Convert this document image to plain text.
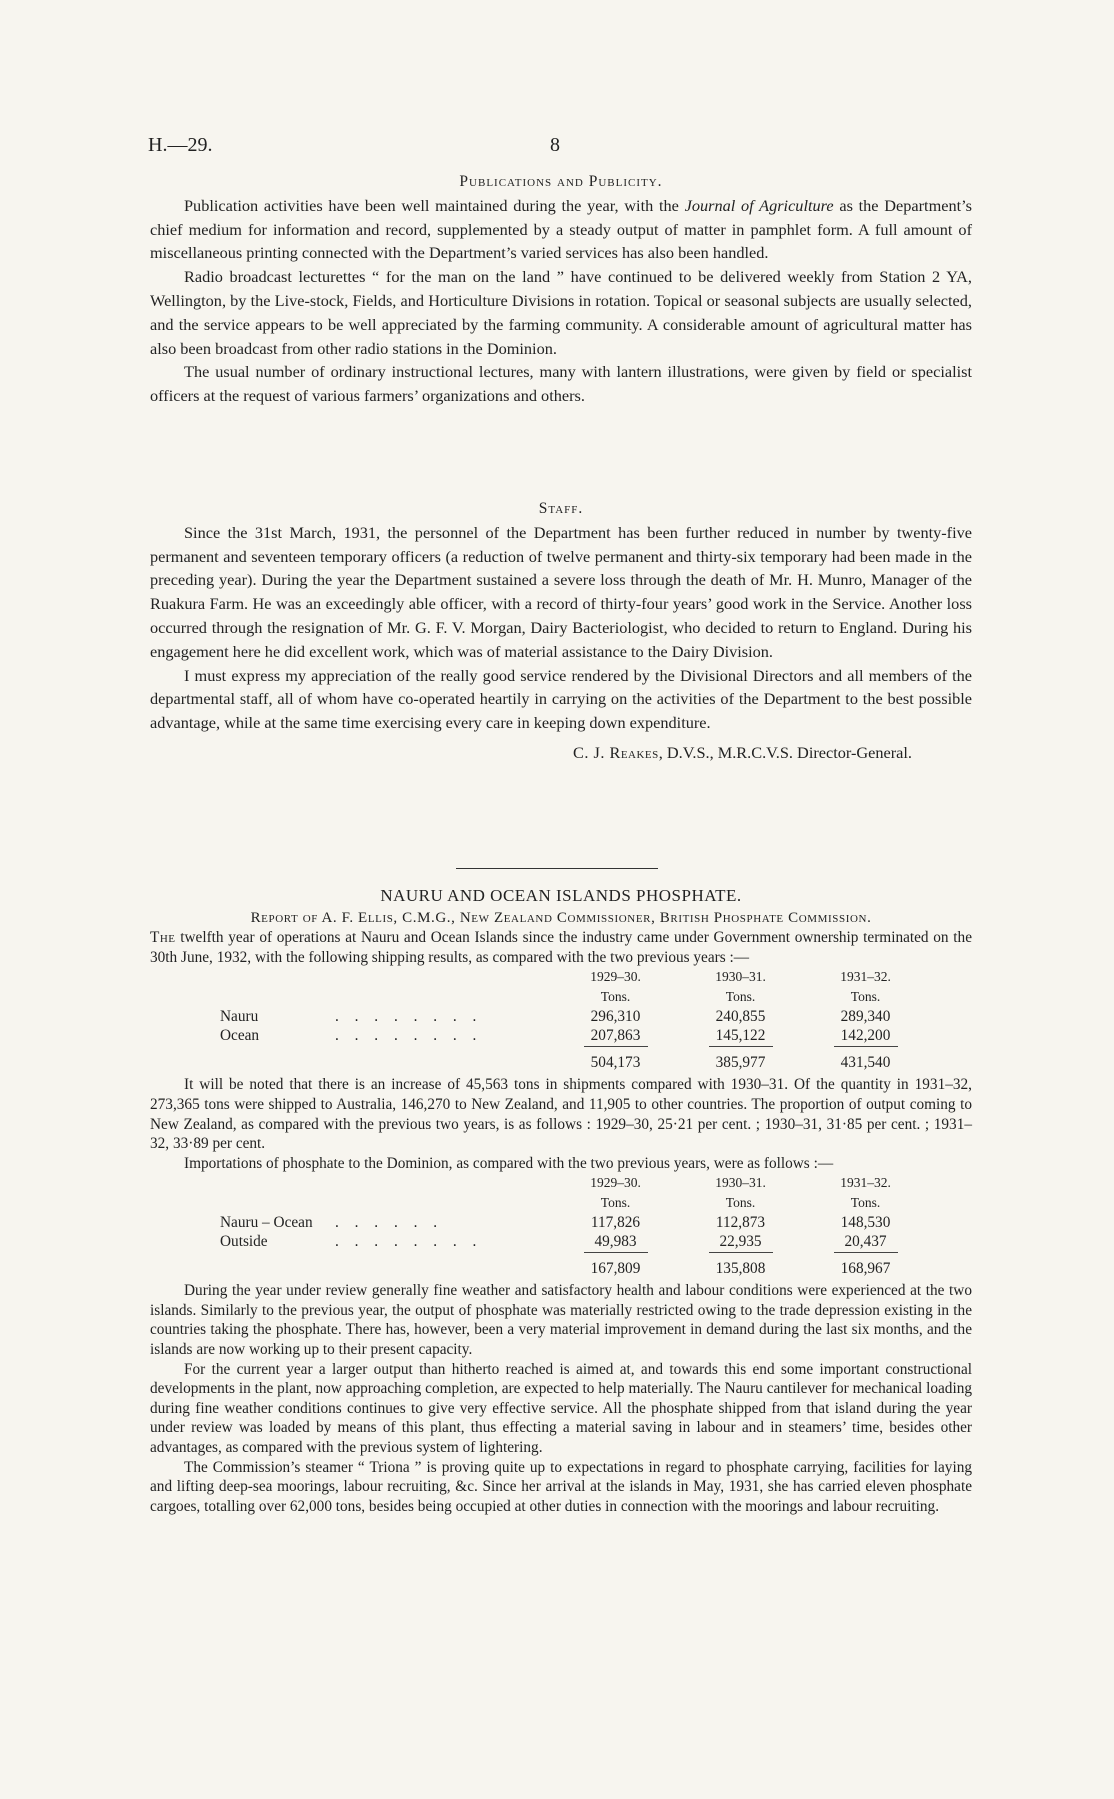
H.—29.	8
Publications and Publicity.

Publication activities have been well maintained during the year, with the Journal of Agriculture as the Department’s chief medium for information and record, supplemented by a steady output of matter in pamphlet form. A full amount of miscellaneous printing connected with the Department’s varied services has also been handled.

Radio broadcast lecturettes “ for the man on the land ” have continued to be delivered weekly from Station 2 YA, Wellington, by the Live-stock, Fields, and Horticulture Divisions in rotation. Topical or seasonal subjects are usually selected, and the service appears to be well appreciated by the farming community. A considerable amount of agricultural matter has also been broadcast from other radio stations in the Dominion.

The usual number of ordinary instructional lectures, many with lantern illustrations, were given by field or specialist officers at the request of various farmers’ organizations and others.

Staff.

Since the 31st March, 1931, the personnel of the Department has been further reduced in number by twenty-five permanent and seventeen temporary officers (a reduction of twelve permanent and thirty-six temporary had been made in the preceding year). During the year the Department sustained a severe loss through the death of Mr. H. Munro, Manager of the Ruakura Farm. He was an exceedingly able officer, with a record of thirty-four years’ good work in the Service. Another loss occurred through the resignation of Mr. G. F. V. Morgan, Dairy Bacteriologist, who decided to return to England. During his engagement here he did excellent work, which was of material assistance to the Dairy Division.

I must express my appreciation of the really good service rendered by the Divisional Directors and all members of the departmental staff, all of whom have co-operated heartily in carrying on the activities of the Department to the best possible advantage, while at the same time exercising every care in keeping down expenditure.

C. J. Reakes, D.V.S., M.R.C.V.S. Director-General.
NAURU AND OCEAN ISLANDS PHOSPHATE.
Report of A. F. Ellis, C.M.G., New Zealand Commissioner, British Phosphate Commission.

The twelfth year of operations at Nauru and Ocean Islands since the industry came under Government ownership terminated on the 30th June, 1932, with the following shipping results, as compared with the two previous years :—

		1929–30.	1930–31.	1931–32.
		Tons.	Tons.	Tons.
Nauru	. . . . . . . .	296,310	240,855	289,340
Ocean	. . . . . . . .	207,863	145,122	142,200

504,173	385,977	431,540

It will be noted that there is an increase of 45,563 tons in shipments compared with 1930–31. Of the quantity in 1931–32, 273,365 tons were shipped to Australia, 146,270 to New Zealand, and 11,905 to other countries. The proportion of output coming to New Zealand, as compared with the previous two years, is as follows : 1929–30, 25·21 per cent. ; 1930–31, 31·85 per cent. ; 1931–32, 33·89 per cent.

Importations of phosphate to the Dominion, as compared with the two previous years, were as follows :—

		1929–30.	1930–31.	1931–32.
		Tons.	Tons.	Tons.
Nauru – Ocean	. . . . . .	117,826	112,873	148,530
Outside	. . . . . . . .	49,983	22,935	20,437

167,809	135,808	168,967

During the year under review generally fine weather and satisfactory health and labour conditions were experienced at the two islands. Similarly to the previous year, the output of phosphate was materially restricted owing to the trade depression existing in the countries taking the phosphate. There has, however, been a very material improvement in demand during the last six months, and the islands are now working up to their present capacity.

For the current year a larger output than hitherto reached is aimed at, and towards this end some important constructional developments in the plant, now approaching completion, are expected to help materially. The Nauru cantilever for mechanical loading during fine weather conditions continues to give very effective service. All the phosphate shipped from that island during the year under review was loaded by means of this plant, thus effecting a material saving in labour and in steamers’ time, besides other advantages, as compared with the previous system of lightering.

The Commission’s steamer “ Triona ” is proving quite up to expectations in regard to phosphate carrying, facilities for laying and lifting deep-sea moorings, labour recruiting, &c. Since her arrival at the islands in May, 1931, she has carried eleven phosphate cargoes, totalling over 62,000 tons, besides being occupied at other duties in connection with the moorings and labour recruiting.
